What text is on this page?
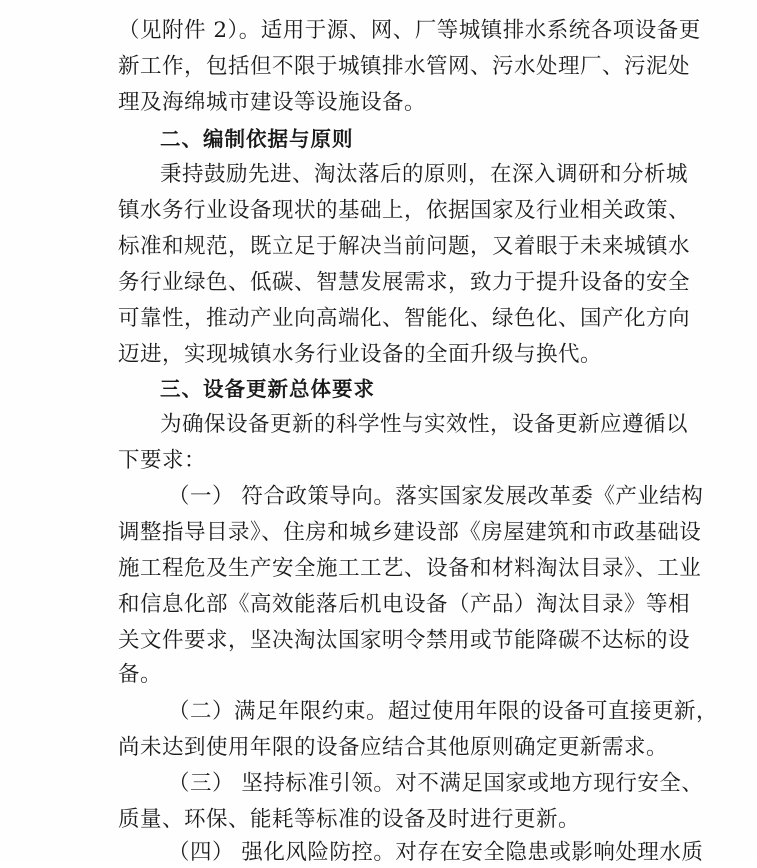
（见附件 2）。适用于源、网、厂等城镇排水系统各项设备更
新工作，包括但不限于城镇排水管网、污水处理厂、污泥处
理及海绵城市建设等设施设备。
二、编制依据与原则
秉持鼓励先进、淘汰落后的原则，在深入调研和分析城
镇水务行业设备现状的基础上，依据国家及行业相关政策、
标准和规范，既立足于解决当前问题，又着眼于未来城镇水
务行业绿色、低碳、智慧发展需求，致力于提升设备的安全
可靠性，推动产业向高端化、智能化、绿色化、国产化方向
迈进，实现城镇水务行业设备的全面升级与换代。
三、设备更新总体要求
为确保设备更新的科学性与实效性，设备更新应遵循以
下要求：
（一） 符合政策导向。落实国家发展改革委《产业结构
调整指导目录》、住房和城乡建设部《房屋建筑和市政基础设
施工程危及生产安全施工工艺、设备和材料淘汰目录》、工业
和信息化部《高效能落后机电设备（产品）淘汰目录》等相
关文件要求，坚决淘汰国家明令禁用或节能降碳不达标的设
备。
（二）满足年限约束。超过使用年限的设备可直接更新，
尚未达到使用年限的设备应结合其他原则确定更新需求。
（三） 坚持标准引领。对不满足国家或地方现行安全、
质量、环保、能耗等标准的设备及时进行更新。
（四） 强化风险防控。对存在安全隐患或影响处理水质
